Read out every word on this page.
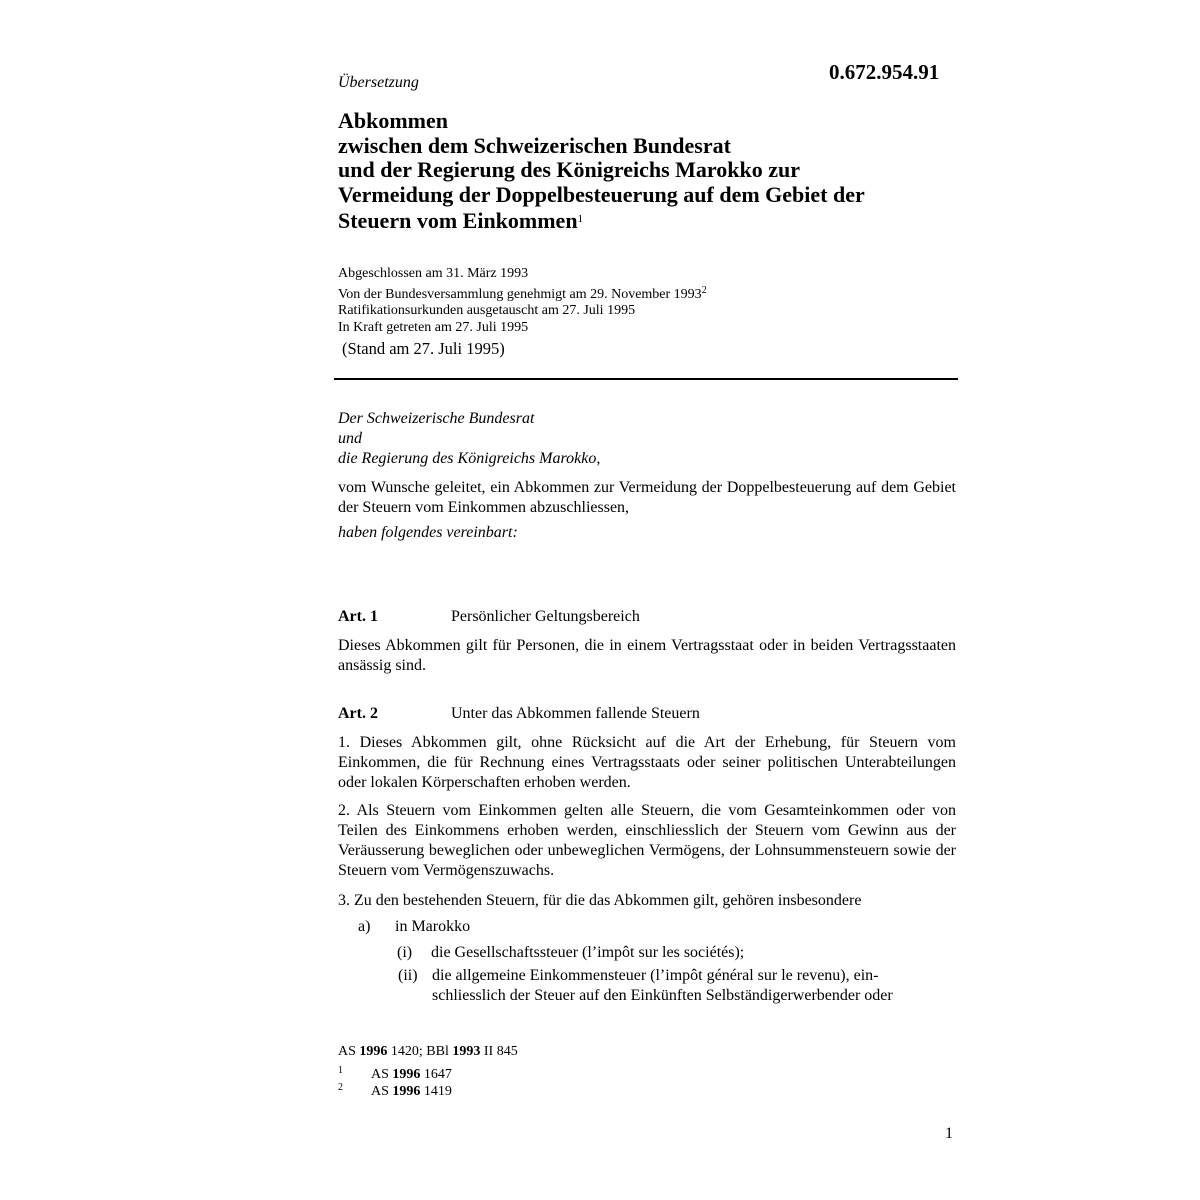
Übersetzung	0.672.954.91
Abkommen
zwischen dem Schweizerischen Bundesrat
und der Regierung des Königreichs Marokko zur
Vermeidung der Doppelbesteuerung auf dem Gebiet der
Steuern vom Einkommen$^1$
Abgeschlossen am 31. März 1993
Von der Bundesversammlung genehmigt am 29. November 1993$^2$
Ratifikationsurkunden ausgetauscht am 27. Juli 1995
In Kraft getreten am 27. Juli 1995
(Stand am 27. Juli 1995)
Der Schweizerische Bundesrat
und
die Regierung des Königreichs Marokko,
vom Wunsche geleitet, ein Abkommen zur Vermeidung der Doppelbesteuerung auf dem Gebiet der Steuern vom Einkommen abzuschliessen,
haben folgendes vereinbart:
Art. 1	Persönlicher Geltungsbereich
Dieses Abkommen gilt für Personen, die in einem Vertragsstaat oder in beiden Vertragsstaaten ansässig sind.
Art. 2	Unter das Abkommen fallende Steuern
1. Dieses Abkommen gilt, ohne Rücksicht auf die Art der Erhebung, für Steuern vom Einkommen, die für Rechnung eines Vertragsstaats oder seiner politischen Unterabteilungen oder lokalen Körperschaften erhoben werden.
2. Als Steuern vom Einkommen gelten alle Steuern, die vom Gesamteinkommen oder von Teilen des Einkommens erhoben werden, einschliesslich der Steuern vom Gewinn aus der Veräusserung beweglichen oder unbeweglichen Vermögens, der Lohnsummensteuern sowie der Steuern vom Vermögenszuwachs.
3. Zu den bestehenden Steuern, für die das Abkommen gilt, gehören insbesondere
a) in Marokko
(i) die Gesellschaftssteuer (l’impôt sur les sociétés);
(ii) die allgemeine Einkommensteuer (l’impôt général sur le revenu), ein-
schliesslich der Steuer auf den Einkünften Selbständigerwerbender oder
AS 1996 1420; BBl 1993 II 845
1 AS 1996 1647
2 AS 1996 1419
1
